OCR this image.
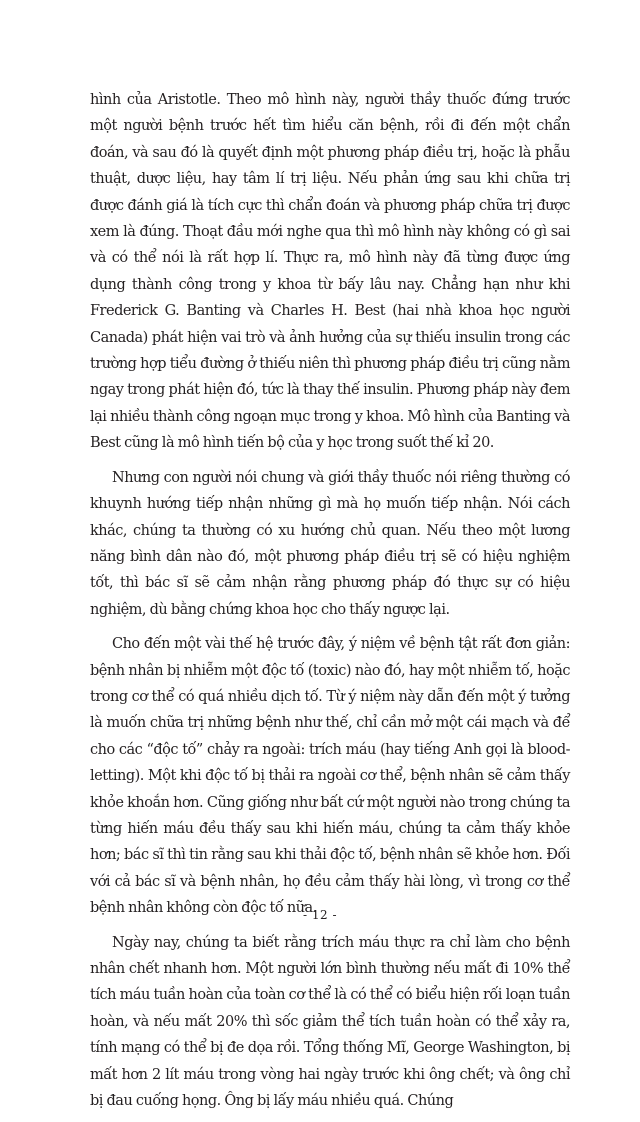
hình của Aristotle. Theo mô hình này, người thầy thuốc đứng trước một người bệnh trước hết tìm hiểu căn bệnh, rồi đi đến một chẩn đoán, và sau đó là quyết định một phương pháp điều trị, hoặc là phẫu thuật, dược liệu, hay tâm lí trị liệu. Nếu phản ứng sau khi chữa trị được đánh giá là tích cực thì chẩn đoán và phương pháp chữa trị được xem là đúng. Thoạt đầu mới nghe qua thì mô hình này không có gì sai và có thể nói là rất hợp lí. Thực ra, mô hình này đã từng được ứng dụng thành công trong y khoa từ bấy lâu nay. Chẳng hạn như khi Frederick G. Banting và Charles H. Best (hai nhà khoa học người Canada) phát hiện vai trò và ảnh hưởng của sự thiếu insulin trong các trường hợp tiểu đường ở thiếu niên thì phương pháp điều trị cũng nằm ngay trong phát hiện đó, tức là thay thế insulin. Phương pháp này đem lại nhiều thành công ngoạn mục trong y khoa. Mô hình của Banting và Best cũng là mô hình tiến bộ của y học trong suốt thế kỉ 20.

Nhưng con người nói chung và giới thầy thuốc nói riêng thường có khuynh hướng tiếp nhận những gì mà họ muốn tiếp nhận. Nói cách khác, chúng ta thường có xu hướng chủ quan. Nếu theo một lương năng bình dân nào đó, một phương pháp điều trị sẽ có hiệu nghiệm tốt, thì bác sĩ sẽ cảm nhận rằng phương pháp đó thực sự có hiệu nghiệm, dù bằng chứng khoa học cho thấy ngược lại.

Cho đến một vài thế hệ trước đây, ý niệm về bệnh tật rất đơn giản: bệnh nhân bị nhiễm một độc tố (toxic) nào đó, hay một nhiễm tố, hoặc trong cơ thể có quá nhiều dịch tố. Từ ý niệm này dẫn đến một ý tưởng là muốn chữa trị những bệnh như thế, chỉ cần mở một cái mạch và để cho các “độc tố” chảy ra ngoài: trích máu (hay tiếng Anh gọi là blood-letting). Một khi độc tố bị thải ra ngoài cơ thể, bệnh nhân sẽ cảm thấy khỏe khoắn hơn. Cũng giống như bất cứ một người nào trong chúng ta từng hiến máu đều thấy sau khi hiến máu, chúng ta cảm thấy khỏe hơn; bác sĩ thì tin rằng sau khi thải độc tố, bệnh nhân sẽ khỏe hơn. Đối với cả bác sĩ và bệnh nhân, họ đều cảm thấy hài lòng, vì trong cơ thể bệnh nhân không còn độc tố nữa.

Ngày nay, chúng ta biết rằng trích máu thực ra chỉ làm cho bệnh nhân chết nhanh hơn. Một người lớn bình thường nếu mất đi 10% thể tích máu tuần hoàn của toàn cơ thể là có thể có biểu hiện rối loạn tuần hoàn, và nếu mất 20% thì sốc giảm thể tích tuần hoàn có thể xảy ra, tính mạng có thể bị đe dọa rồi. Tổng thống Mĩ, George Washington, bị mất hơn 2 lít máu trong vòng hai ngày trước khi ông chết; và ông chỉ bị đau cuống họng. Ông bị lấy máu nhiều quá. Chúng

- 12 -
